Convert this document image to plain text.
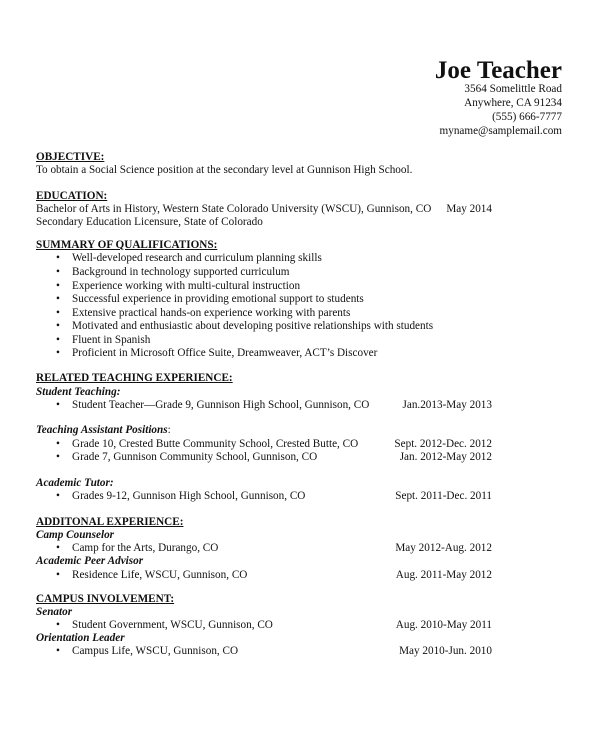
Joe Teacher
3564 Somelittle Road
Anywhere, CA 91234
(555) 666-7777
myname@samplemail.com
OBJECTIVE:
To obtain a Social Science position at the secondary level at Gunnison High School.
EDUCATION:
Bachelor of Arts in History, Western State Colorado University (WSCU), Gunnison, CO May 2014
Secondary Education Licensure, State of Colorado
SUMMARY OF QUALIFICATIONS:
• Well-developed research and curriculum planning skills
• Background in technology supported curriculum
• Experience working with multi-cultural instruction
• Successful experience in providing emotional support to students
• Extensive practical hands-on experience working with parents
• Motivated and enthusiastic about developing positive relationships with students
• Fluent in Spanish
• Proficient in Microsoft Office Suite, Dreamweaver, ACT’s Discover
RELATED TEACHING EXPERIENCE:
Student Teaching:
• Student Teacher—Grade 9, Gunnison High School, Gunnison, CO	Jan.2013-May 2013
Teaching Assistant Positions:
• Grade 10, Crested Butte Community School, Crested Butte, CO	Sept. 2012-Dec. 2012
• Grade 7, Gunnison Community School, Gunnison, CO	Jan. 2012-May 2012
Academic Tutor:
• Grades 9-12, Gunnison High School, Gunnison, CO	Sept. 2011-Dec. 2011
ADDITONAL EXPERIENCE:
Camp Counselor
• Camp for the Arts, Durango, CO	May 2012-Aug. 2012
Academic Peer Advisor
• Residence Life, WSCU, Gunnison, CO	Aug. 2011-May 2012
CAMPUS INVOLVEMENT:
Senator
• Student Government, WSCU, Gunnison, CO	Aug. 2010-May 2011
Orientation Leader
• Campus Life, WSCU, Gunnison, CO	May 2010-Jun. 2010
